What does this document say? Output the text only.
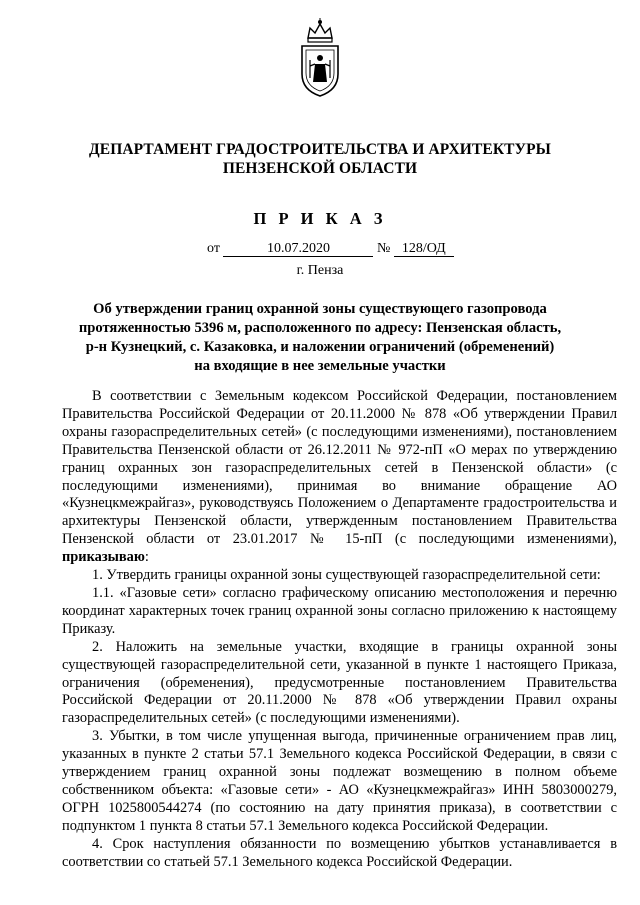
ДЕПАРТАМЕНТ ГРАДОСТРОИТЕЛЬСТВА И АРХИТЕКТУРЫ
ПЕНЗЕНСКОЙ ОБЛАСТИ
П Р И К А З
от	10.07.2020	№ 128/ОД
г. Пенза
Об утверждении границ охранной зоны существующего газопровода
протяженностью 5396 м, расположенного по адресу: Пензенская область,
р-н Кузнецкий, с. Казаковка, и наложении ограничений (обременений)
на входящие в нее земельные участки

В соответствии с Земельным кодексом Российской Федерации, постановлением Правительства Российской Федерации от 20.11.2000 № 878 «Об утверждении Правил охраны газораспределительных сетей» (с последующими изменениями), постановлением Правительства Пензенской области от 26.12.2011 № 972-пП «О мерах по утверждению границ охранных зон газораспределительных сетей в Пензенской области» (с последующими изменениями), принимая во внимание обращение АО «Кузнецкмежрайгаз», руководствуясь Положением о Департаменте градостроительства и архитектуры Пензенской области, утвержденным постановлением Правительства Пензенской области от 23.01.2017 № 15-пП (с последующими изменениями), приказываю:

1. Утвердить границы охранной зоны существующей газораспределительной сети:

1.1. «Газовые сети» согласно графическому описанию местоположения и перечню координат характерных точек границ охранной зоны согласно приложению к настоящему Приказу.

2. Наложить на земельные участки, входящие в границы охранной зоны существующей газораспределительной сети, указанной в пункте 1 настоящего Приказа, ограничения (обременения), предусмотренные постановлением Правительства Российской Федерации от 20.11.2000 № 878 «Об утверждении Правил охраны газораспределительных сетей» (с последующими изменениями).

3. Убытки, в том числе упущенная выгода, причиненные ограничением прав лиц, указанных в пункте 2 статьи 57.1 Земельного кодекса Российской Федерации, в связи с утверждением границ охранной зоны подлежат возмещению в полном объеме собственником объекта: «Газовые сети» - АО «Кузнецкмежрайгаз» ИНН 5803000279, ОГРН 1025800544274 (по состоянию на дату принятия приказа), в соответствии с подпунктом 1 пункта 8 статьи 57.1 Земельного кодекса Российской Федерации.

4. Срок наступления обязанности по возмещению убытков устанавливается в соответствии со статьей 57.1 Земельного кодекса Российской Федерации.
